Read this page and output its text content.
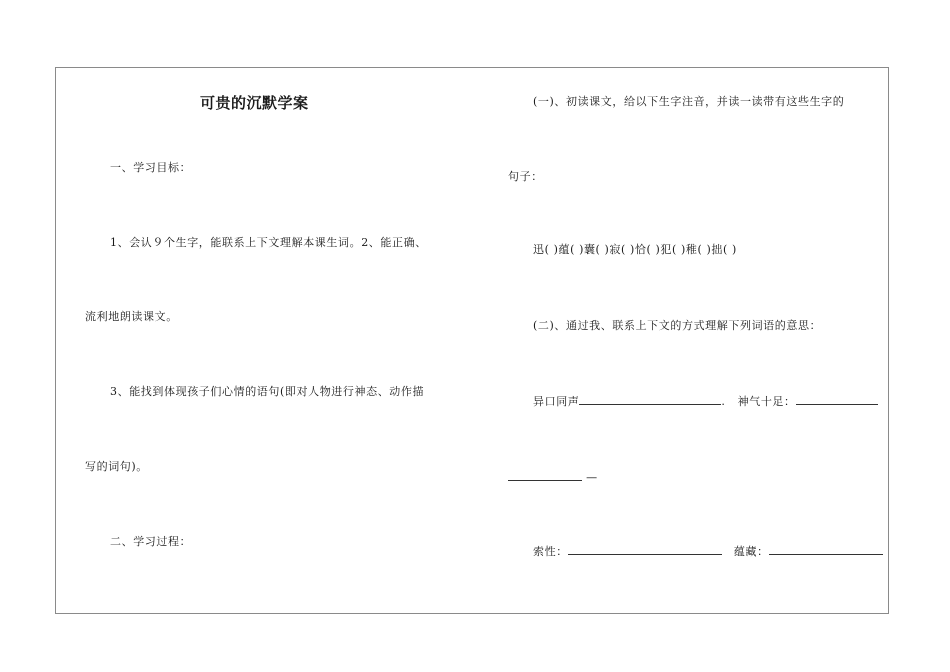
可贵的沉默学案
一、学习目标：
1、会认９个生字，能联系上下文理解本课生词。2、能正确、
流利地朗读课文。
3、能找到体现孩子们心情的语句(即对人物进行神态、动作描
写的词句)。
二、学习过程：
(一)、初读课文，给以下生字注音，并读一读带有这些生字的
句子：
迅( )蕴( )囊( )寂( )恰( )犯( )稚( )拙( )
(二)、通过我、联系上下文的方式理解下列词语的意思：
异口同声	. 神气十足：
—
索性：	蕴藏：
